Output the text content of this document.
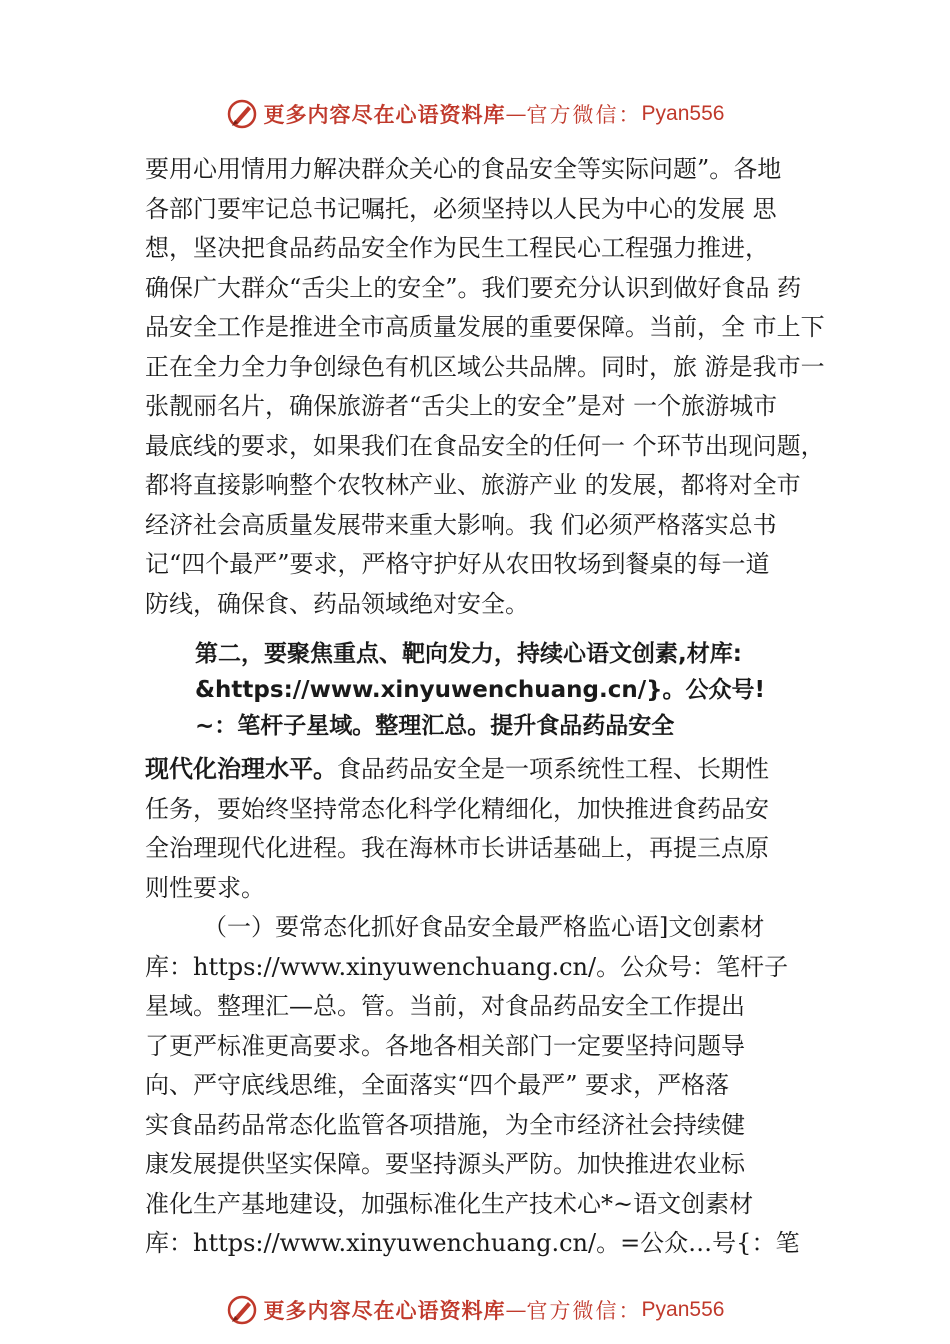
更多内容尽在心语资料库 — 官方微信： Pyan556
要用心用情用力解决群众关心的食品安全等实际问题”。各地
各部门要牢记总书记嘱托，必须坚持以人民为中心的发展 思
想，坚决把食品药品安全作为民生工程民心工程强力推进，
确保广大群众“舌尖上的安全”。我们要充分认识到做好食品 药
品安全工作是推进全市高质量发展的重要保障。当前，全 市上下
正在全力全力争创绿色有机区域公共品牌。同时，旅 游是我市一
张靓丽名片，确保旅游者“舌尖上的安全”是对 一个旅游城市
最底线的要求，如果我们在食品安全的任何一 个环节出现问题，
都将直接影响整个农牧林产业、旅游产业 的发展，都将对全市
经济社会高质量发展带来重大影响。我 们必须严格落实总书
记“四个最严”要求，严格守护好从农田牧场到餐桌的每一道
防线，确保食、药品领域绝对安全。
第二，要聚焦重点、靶向发力，持续心语文创素,材库:
&https://www.xinyuwenchuang.cn/}。公众号!
~：笔杆子星域。整理汇总。提升食品药品安全
现代化治理水平。食品药品安全是一项系统性工程、长期性
任务，要始终坚持常态化科学化精细化，加快推进食药品安
全治理现代化进程。我在海林市长讲话基础上，再提三点原
则性要求。
（一）要常态化抓好食品安全最严格监心语]文创素材
库：https://www.xinyuwenchuang.cn/。公众号：笔杆子
星域。整理汇—总。管。当前，对食品药品安全工作提出
了更严标准更高要求。各地各相关部门一定要坚持问题导
向、严守底线思维，全面落实“四个最严” 要求，严格落
实食品药品常态化监管各项措施，为全市经济社会持续健
康发展提供坚实保障。要坚持源头严防。加快推进农业标
准化生产基地建设，加强标准化生产技术心*~语文创素材
库：https://www.xinyuwenchuang.cn/。=公众…号{：笔
更多内容尽在心语资料库 — 官方微信： Pyan556
